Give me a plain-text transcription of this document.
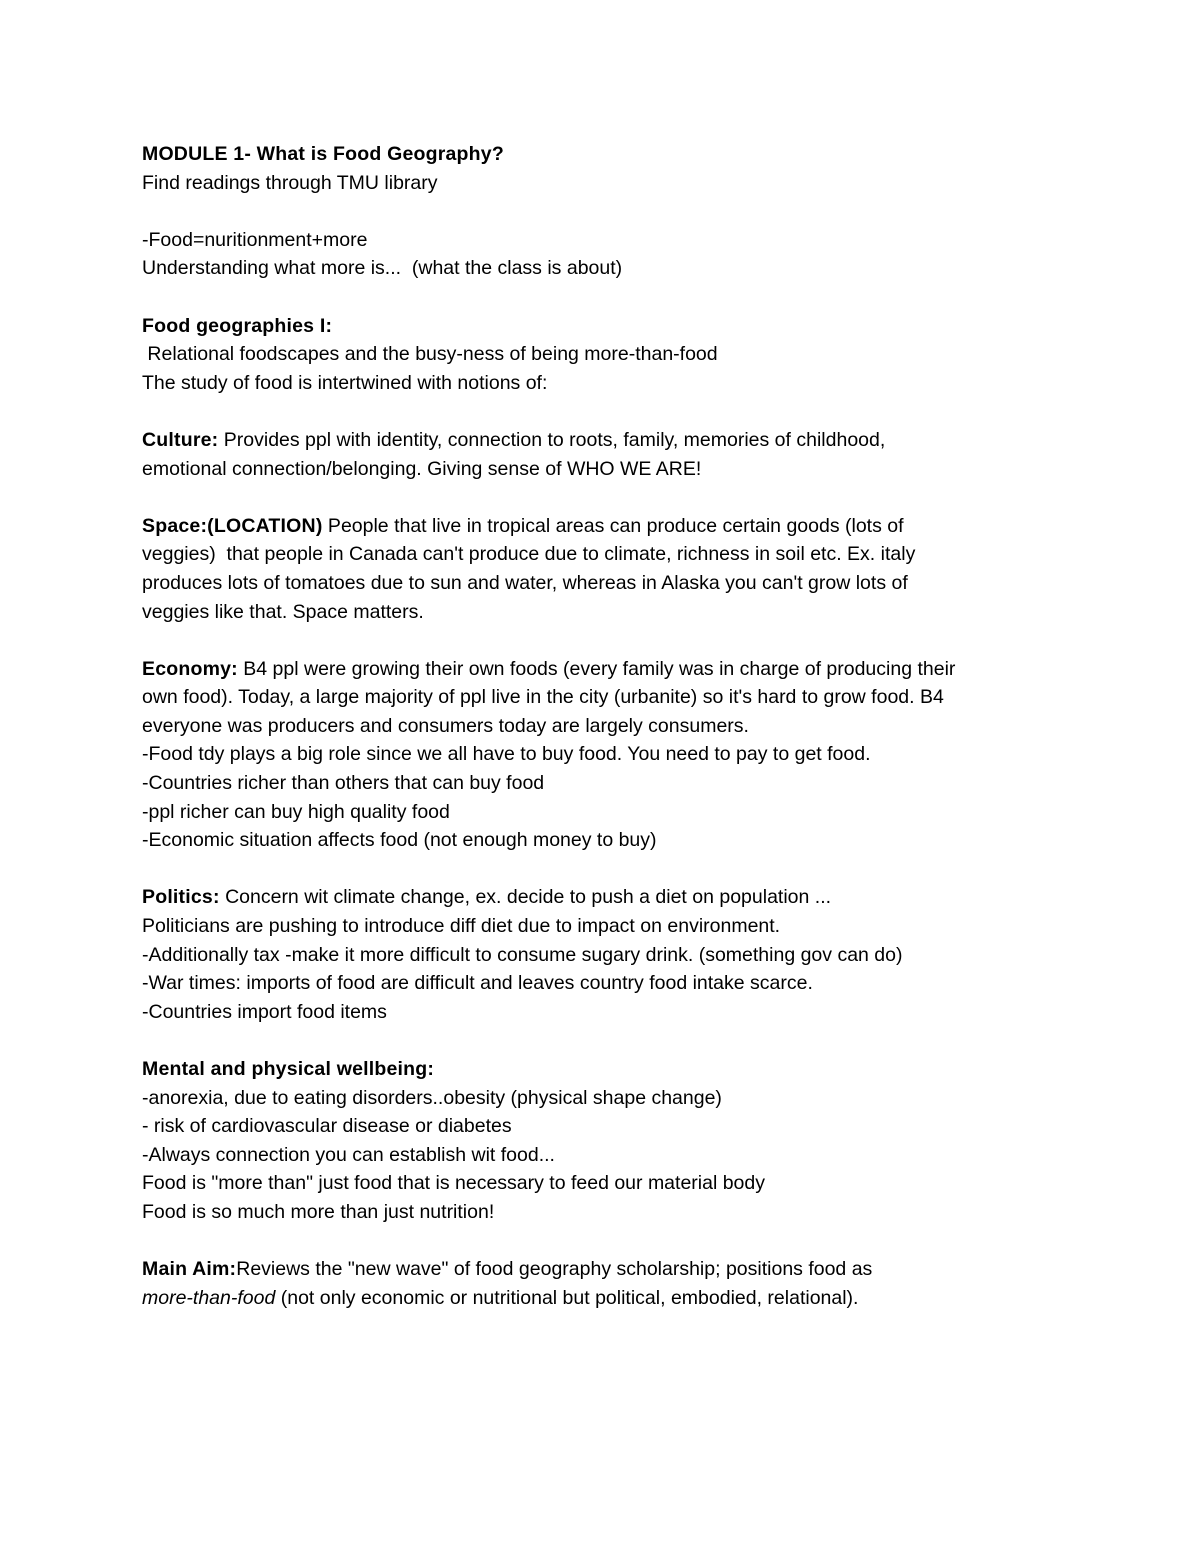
MODULE 1- What is Food Geography?

Find readings through TMU library

-Food=nuritionment+more

Understanding what more is...  (what the class is about)

Food geographies I:

Relational foodscapes and the busy-ness of being more-than-food

The study of food is intertwined with notions of:

Culture: Provides ppl with identity, connection to roots, family, memories of childhood,

emotional connection/belonging. Giving sense of WHO WE ARE!

Space:(LOCATION) People that live in tropical areas can produce certain goods (lots of

veggies)  that people in Canada can't produce due to climate, richness in soil etc. Ex. italy

produces lots of tomatoes due to sun and water, whereas in Alaska you can't grow lots of

veggies like that. Space matters.

Economy: B4 ppl were growing their own foods (every family was in charge of producing their

own food). Today, a large majority of ppl live in the city (urbanite) so it's hard to grow food. B4

everyone was producers and consumers today are largely consumers.

-Food tdy plays a big role since we all have to buy food. You need to pay to get food.

-Countries richer than others that can buy food

-ppl richer can buy high quality food

-Economic situation affects food (not enough money to buy)

Politics: Concern wit climate change, ex. decide to push a diet on population ...

Politicians are pushing to introduce diff diet due to impact on environment.

-Additionally tax -make it more difficult to consume sugary drink. (something gov can do)

-War times: imports of food are difficult and leaves country food intake scarce.

-Countries import food items

Mental and physical wellbeing:

-anorexia, due to eating disorders..obesity (physical shape change)

- risk of cardiovascular disease or diabetes

-Always connection you can establish wit food...

Food is "more than" just food that is necessary to feed our material body

Food is so much more than just nutrition!

Main Aim:Reviews the "new wave" of food geography scholarship; positions food as

more-than-food (not only economic or nutritional but political, embodied, relational).
